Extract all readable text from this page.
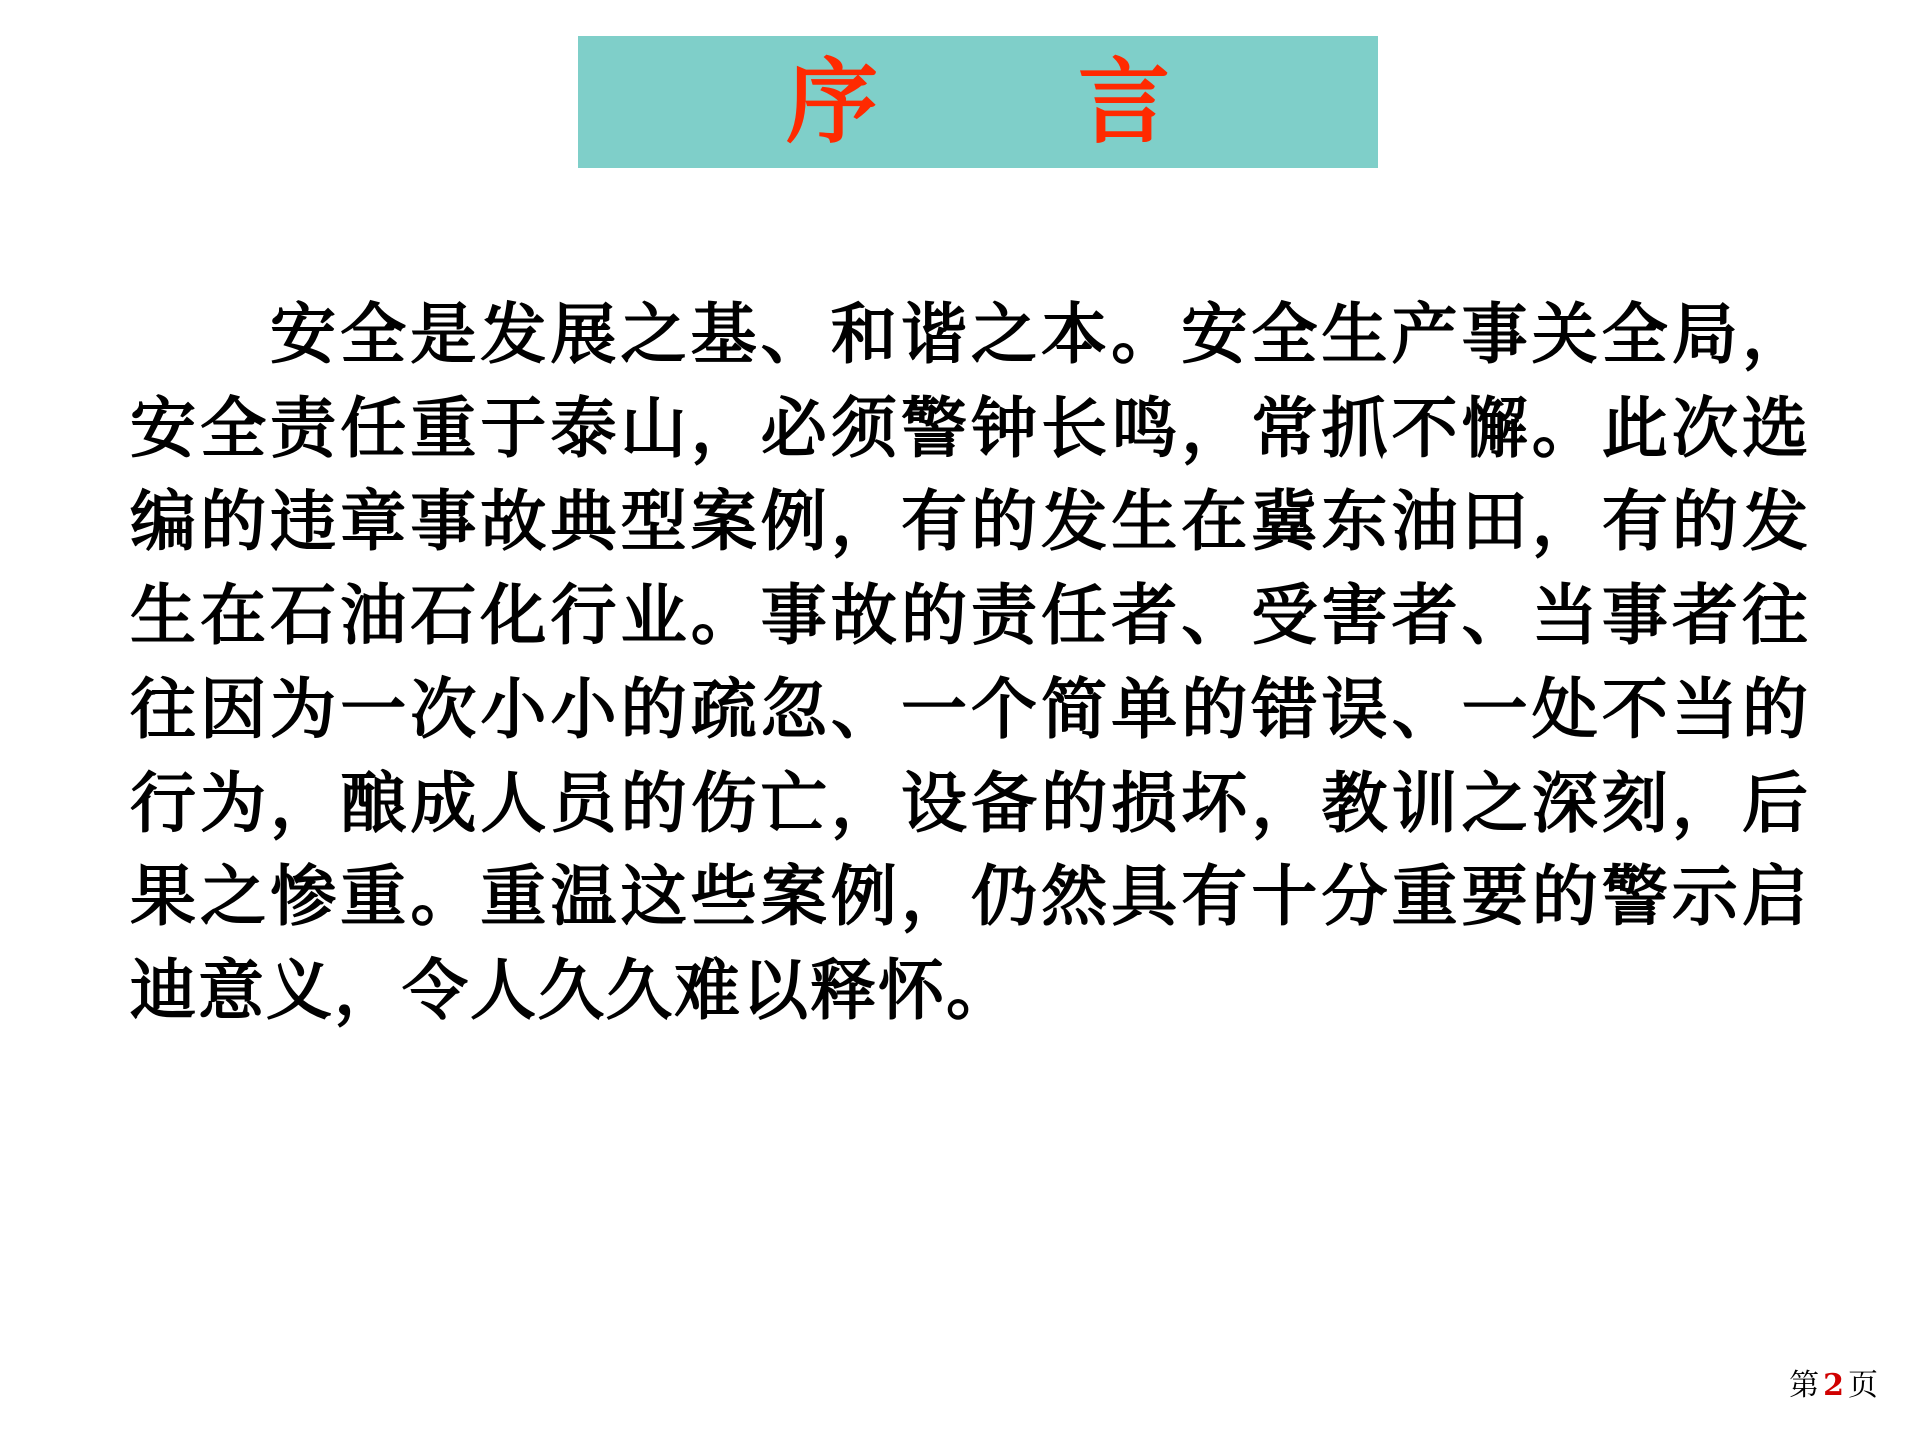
序　言

安全是发展之基、和谐之本。安全生产事关全局，安全责任重于泰山，必须警钟长鸣，常抓不懈。此次选编的违章事故典型案例，有的发生在冀东油田，有的发生在石油石化行业。事故的责任者、受害者、当事者往往因为一次小小的疏忽、一个简单的错误、一处不当的行为，酿成人员的伤亡，设备的损坏，教训之深刻，后果之惨重。重温这些案例，仍然具有十分重要的警示启迪意义，令人久久难以释怀。

第 2 页
